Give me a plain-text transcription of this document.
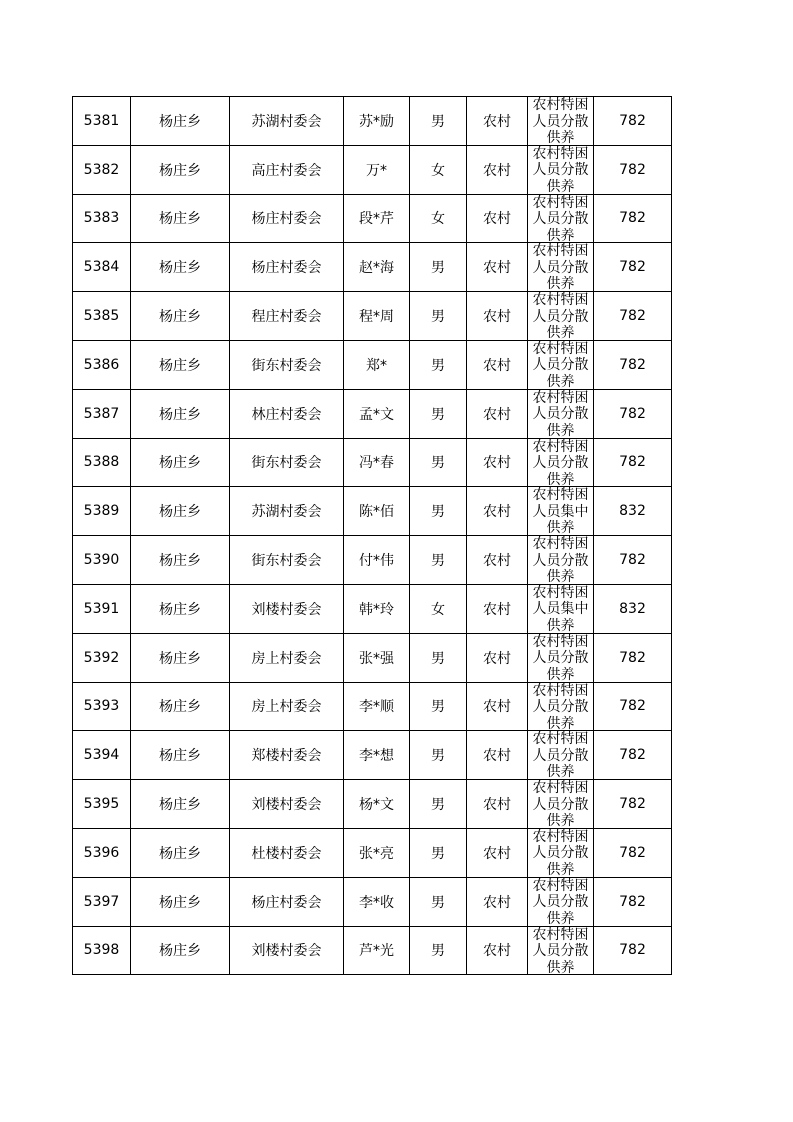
5381	杨庄乡	苏湖村委会	苏*励	男	农村	农村特困人员分散供养	782
5382	杨庄乡	高庄村委会	万*	女	农村	农村特困人员分散供养	782
5383	杨庄乡	杨庄村委会	段*芹	女	农村	农村特困人员分散供养	782
5384	杨庄乡	杨庄村委会	赵*海	男	农村	农村特困人员分散供养	782
5385	杨庄乡	程庄村委会	程*周	男	农村	农村特困人员分散供养	782
5386	杨庄乡	街东村委会	郑*	男	农村	农村特困人员分散供养	782
5387	杨庄乡	林庄村委会	孟*文	男	农村	农村特困人员分散供养	782
5388	杨庄乡	街东村委会	冯*春	男	农村	农村特困人员分散供养	782
5389	杨庄乡	苏湖村委会	陈*佰	男	农村	农村特困人员集中供养	832
5390	杨庄乡	街东村委会	付*伟	男	农村	农村特困人员分散供养	782
5391	杨庄乡	刘楼村委会	韩*玲	女	农村	农村特困人员集中供养	832
5392	杨庄乡	房上村委会	张*强	男	农村	农村特困人员分散供养	782
5393	杨庄乡	房上村委会	李*顺	男	农村	农村特困人员分散供养	782
5394	杨庄乡	郑楼村委会	李*想	男	农村	农村特困人员分散供养	782
5395	杨庄乡	刘楼村委会	杨*文	男	农村	农村特困人员分散供养	782
5396	杨庄乡	杜楼村委会	张*亮	男	农村	农村特困人员分散供养	782
5397	杨庄乡	杨庄村委会	李*收	男	农村	农村特困人员分散供养	782
5398	杨庄乡	刘楼村委会	芦*光	男	农村	农村特困人员分散供养	782
